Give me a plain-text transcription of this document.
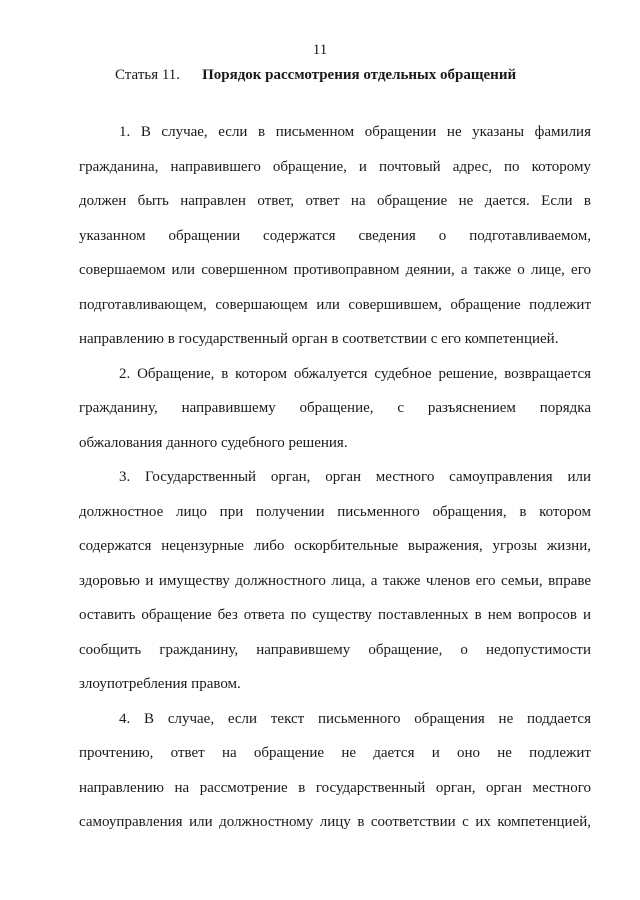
11
Статья 11. Порядок рассмотрения отдельных обращений

1. В случае, если в письменном обращении не указаны фамилия
гражданина, направившего обращение, и почтовый адрес, по которому
должен быть направлен ответ, ответ на обращение не дается. Если в
указанном обращении содержатся сведения о подготавливаемом,
совершаемом или совершенном противоправном деянии, а также о лице, его
подготавливающем, совершающем или совершившем, обращение подлежит
направлению в государственный орган в соответствии с его компетенцией.

2. Обращение, в котором обжалуется судебное решение, возвращается
гражданину, направившему обращение, с разъяснением порядка
обжалования данного судебного решения.

3. Государственный орган, орган местного самоуправления или
должностное лицо при получении письменного обращения, в котором
содержатся нецензурные либо оскорбительные выражения, угрозы жизни,
здоровью и имуществу должностного лица, а также членов его семьи, вправе
оставить обращение без ответа по существу поставленных в нем вопросов и
сообщить гражданину, направившему обращение, о недопустимости
злоупотребления правом.

4. В случае, если текст письменного обращения не поддается
прочтению, ответ на обращение не дается и оно не подлежит
направлению на рассмотрение в государственный орган, орган местного
самоуправления или должностному лицу в соответствии с их компетенцией,
